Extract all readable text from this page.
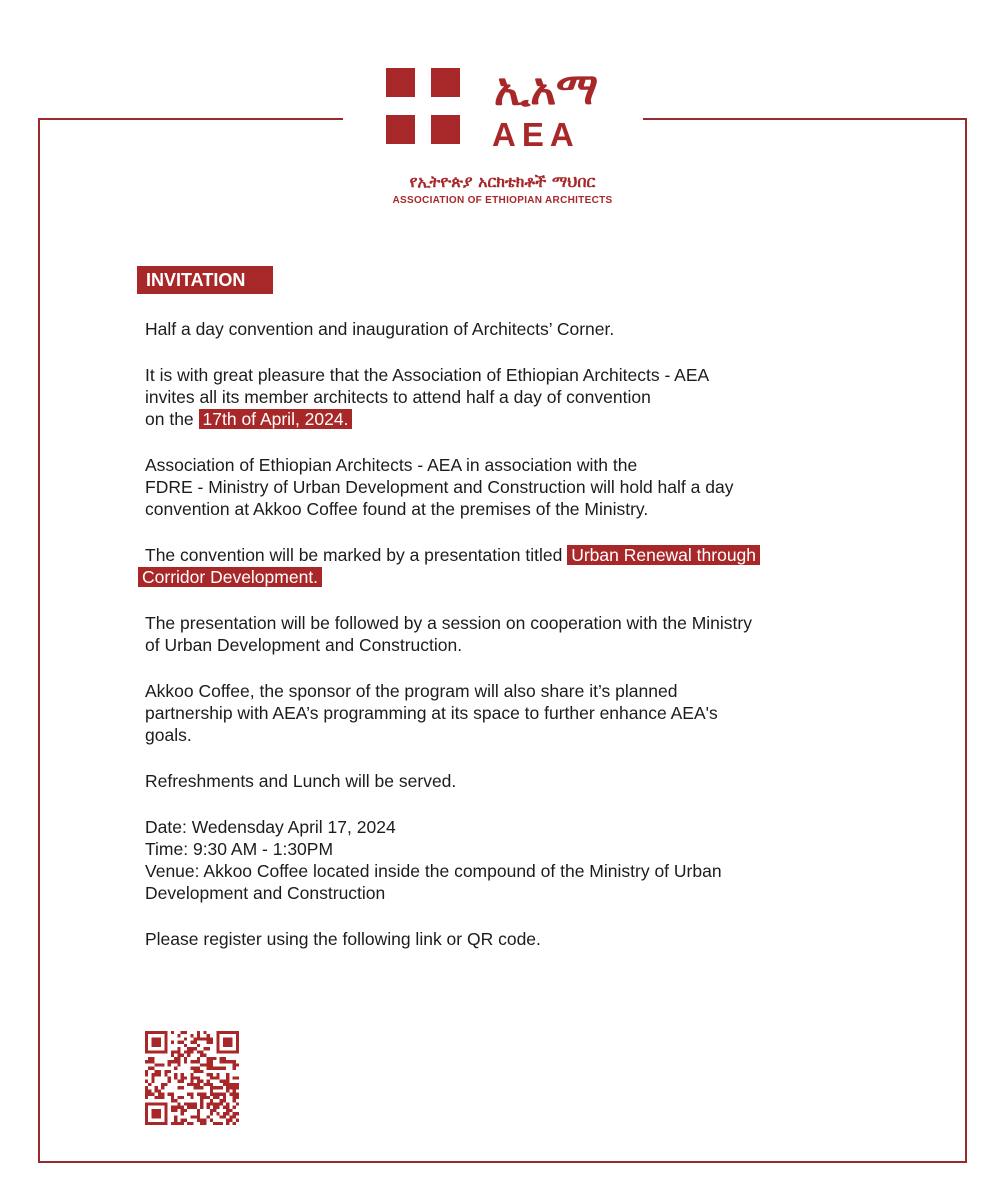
ኢአማ
AEA
የኢትዮጵያ አርክቴክቶች ማህበር
ASSOCIATION OF ETHIOPIAN ARCHITECTS
INVITATION

Half a day convention and inauguration of Architects’ Corner.

It is with great pleasure that the Association of Ethiopian Architects - AEA
invites all its member architects to attend half a day of convention
on the 17th of April, 2024.

Association of Ethiopian Architects - AEA in association with the
FDRE - Ministry of Urban Development and Construction will hold half a day
convention at Akkoo Coffee found at the premises of the Ministry.

The convention will be marked by a presentation titled Urban Renewal through
Corridor Development.

The presentation will be followed by a session on cooperation with the Ministry
of Urban Development and Construction.

Akkoo Coffee, the sponsor of the program will also share it’s planned
partnership with AEA’s programming at its space to further enhance AEA's
goals.

Refreshments and Lunch will be served.

Date: Wedensday April 17, 2024
Time: 9:30 AM - 1:30PM
Venue: Akkoo Coffee located inside the compound of the Ministry of Urban
Development and Construction

Please register using the following link or QR code.
